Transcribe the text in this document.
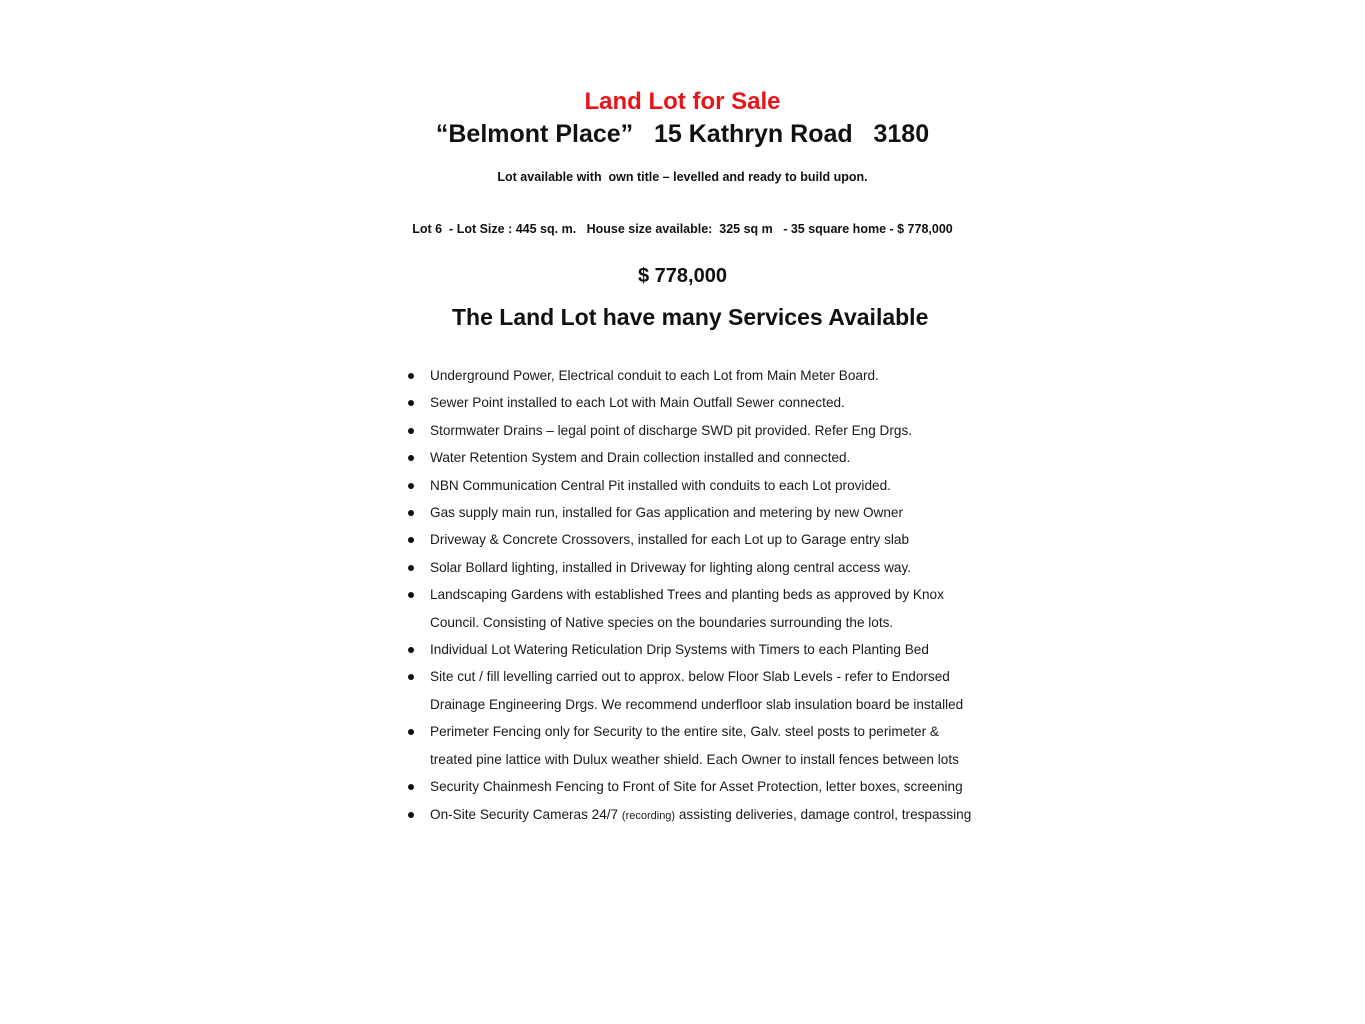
Land Lot for Sale
“Belmont Place”   15 Kathryn Road   3180
Lot available with  own title – levelled and ready to build upon.
Lot 6  - Lot Size : 445 sq. m.   House size available:  325 sq m   - 35 square home - $ 778,000
$ 778,000
The Land Lot have many Services Available
Underground Power, Electrical conduit to each Lot from Main Meter Board.
Sewer Point installed to each Lot with Main Outfall Sewer connected.
Stormwater Drains – legal point of discharge SWD pit provided. Refer Eng Drgs.
Water Retention System and Drain collection installed and connected.
NBN Communication Central Pit installed with conduits to each Lot provided.
Gas supply main run, installed for Gas application and metering by new Owner
Driveway & Concrete Crossovers, installed for each Lot up to Garage entry slab
Solar Bollard lighting, installed in Driveway for lighting along central access way.
Landscaping Gardens with established Trees and planting beds as approved by Knox
Council. Consisting of Native species on the boundaries surrounding the lots.
Individual Lot Watering Reticulation Drip Systems with Timers to each Planting Bed
Site cut / fill levelling carried out to approx. below Floor Slab Levels - refer to Endorsed
Drainage Engineering Drgs. We recommend underfloor slab insulation board be installed
Perimeter Fencing only for Security to the entire site, Galv. steel posts to perimeter &
treated pine lattice with Dulux weather shield. Each Owner to install fences between lots
Security Chainmesh Fencing to Front of Site for Asset Protection, letter boxes, screening
On-Site Security Cameras 24/7 (recording) assisting deliveries, damage control, trespassing
